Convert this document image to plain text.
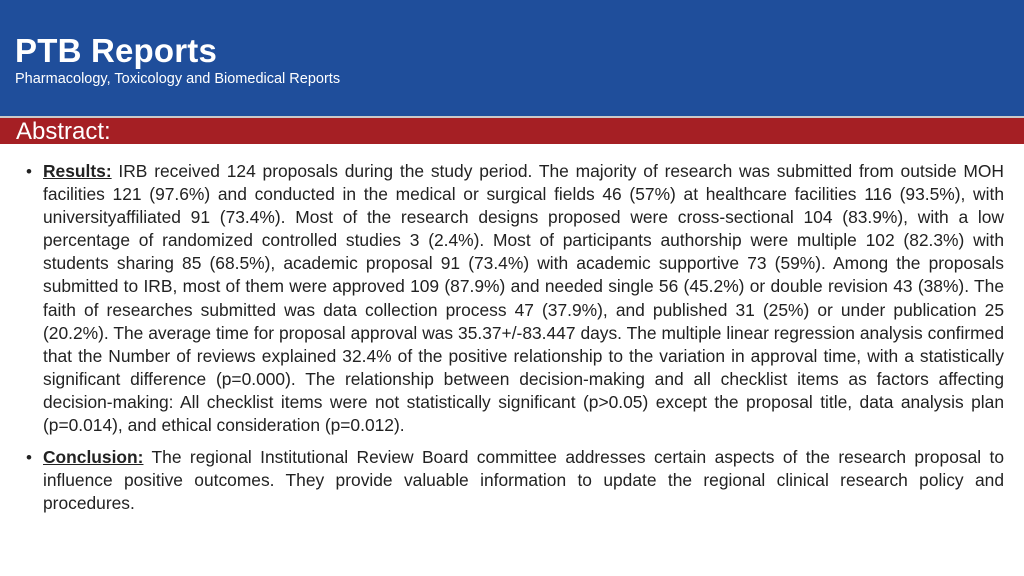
PTB Reports
Pharmacology, Toxicology and Biomedical Reports
Abstract:
• Results: IRB received 124 proposals during the study period. The majority of research was submitted from outside MOH facilities 121 (97.6%) and conducted in the medical or surgical fields 46 (57%) at healthcare facilities 116 (93.5%), with universityaffiliated 91 (73.4%). Most of the research designs proposed were cross-sectional 104 (83.9%), with a low percentage of randomized controlled studies 3 (2.4%). Most of participants authorship were multiple 102 (82.3%) with students sharing 85 (68.5%), academic proposal 91 (73.4%) with academic supportive 73 (59%). Among the proposals submitted to IRB, most of them were approved 109 (87.9%) and needed single 56 (45.2%) or double revision 43 (38%). The faith of researches submitted was data collection process 47 (37.9%), and published 31 (25%) or under publication 25 (20.2%). The average time for proposal approval was 35.37+/-83.447 days. The multiple linear regression analysis confirmed that the Number of reviews explained 32.4% of the positive relationship to the variation in approval time, with a statistically significant difference (p=0.000). The relationship between decision-making and all checklist items as factors affecting decision-making: All checklist items were not statistically significant (p>0.05) except the proposal title, data analysis plan (p=0.014), and ethical consideration (p=0.012).
• Conclusion: The regional Institutional Review Board committee addresses certain aspects of the research proposal to influence positive outcomes. They provide valuable information to update the regional clinical research policy and procedures.
